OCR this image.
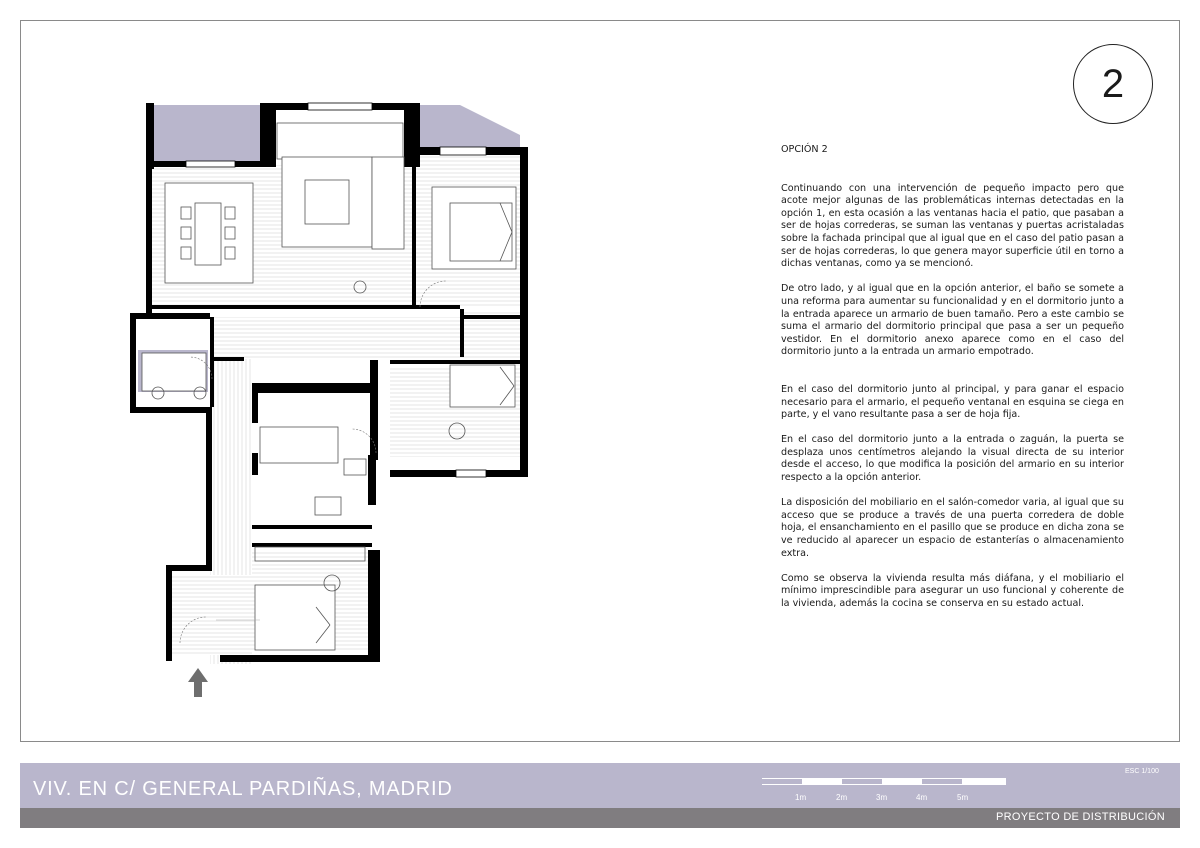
2
OPCIÓN 2

Continuando con una intervención de pequeño impacto pero que acote mejor algunas de las problemáticas internas detectadas en la opción 1, en esta ocasión a las ventanas hacia el patio, que pasaban a ser de hojas correderas, se suman las ventanas y puertas acristaladas sobre la fachada principal que al igual que en el caso del patio pasan a ser de hojas correderas, lo que genera mayor superficie útil en torno a dichas ventanas, como ya se mencionó.

De otro lado, y al igual que en la opción anterior, el baño se somete a una reforma para aumentar su funcionalidad y en el dormitorio junto a la entrada aparece un armario de buen tamaño. Pero a este cambio se suma el armario del dormitorio principal que pasa a ser un pequeño vestidor. En el dormitorio anexo aparece como en el caso del dormitorio junto a la entrada un armario empotrado.

En el caso del dormitorio junto al principal, y para ganar el espacio necesario para el armario, el pequeño ventanal en esquina se ciega en parte, y el vano resultante pasa a ser de hoja fija.

En el caso del dormitorio junto a la entrada o zaguán, la puerta se desplaza unos centímetros alejando la visual directa de su interior desde el acceso, lo que modifica la posición del armario en su interior respecto a la opción anterior.

La disposición del mobiliario en el salón-comedor varia, al igual que su acceso que se produce a través de una puerta corredera de doble hoja, el ensanchamiento en el pasillo que se produce en dicha zona se ve reducido al aparecer un espacio de estanterías o almacenamiento extra.

Como se observa la vivienda resulta más diáfana, y el mobiliario el mínimo imprescindible para asegurar un uso funcional y coherente de la vivienda, además la cocina se conserva en su estado actual.

VIV. EN C/ GENERAL PARDIÑAS, MADRID
ESC 1/100
1m	2m	3m	4m	5m
PROYECTO DE DISTRIBUCIÓN
